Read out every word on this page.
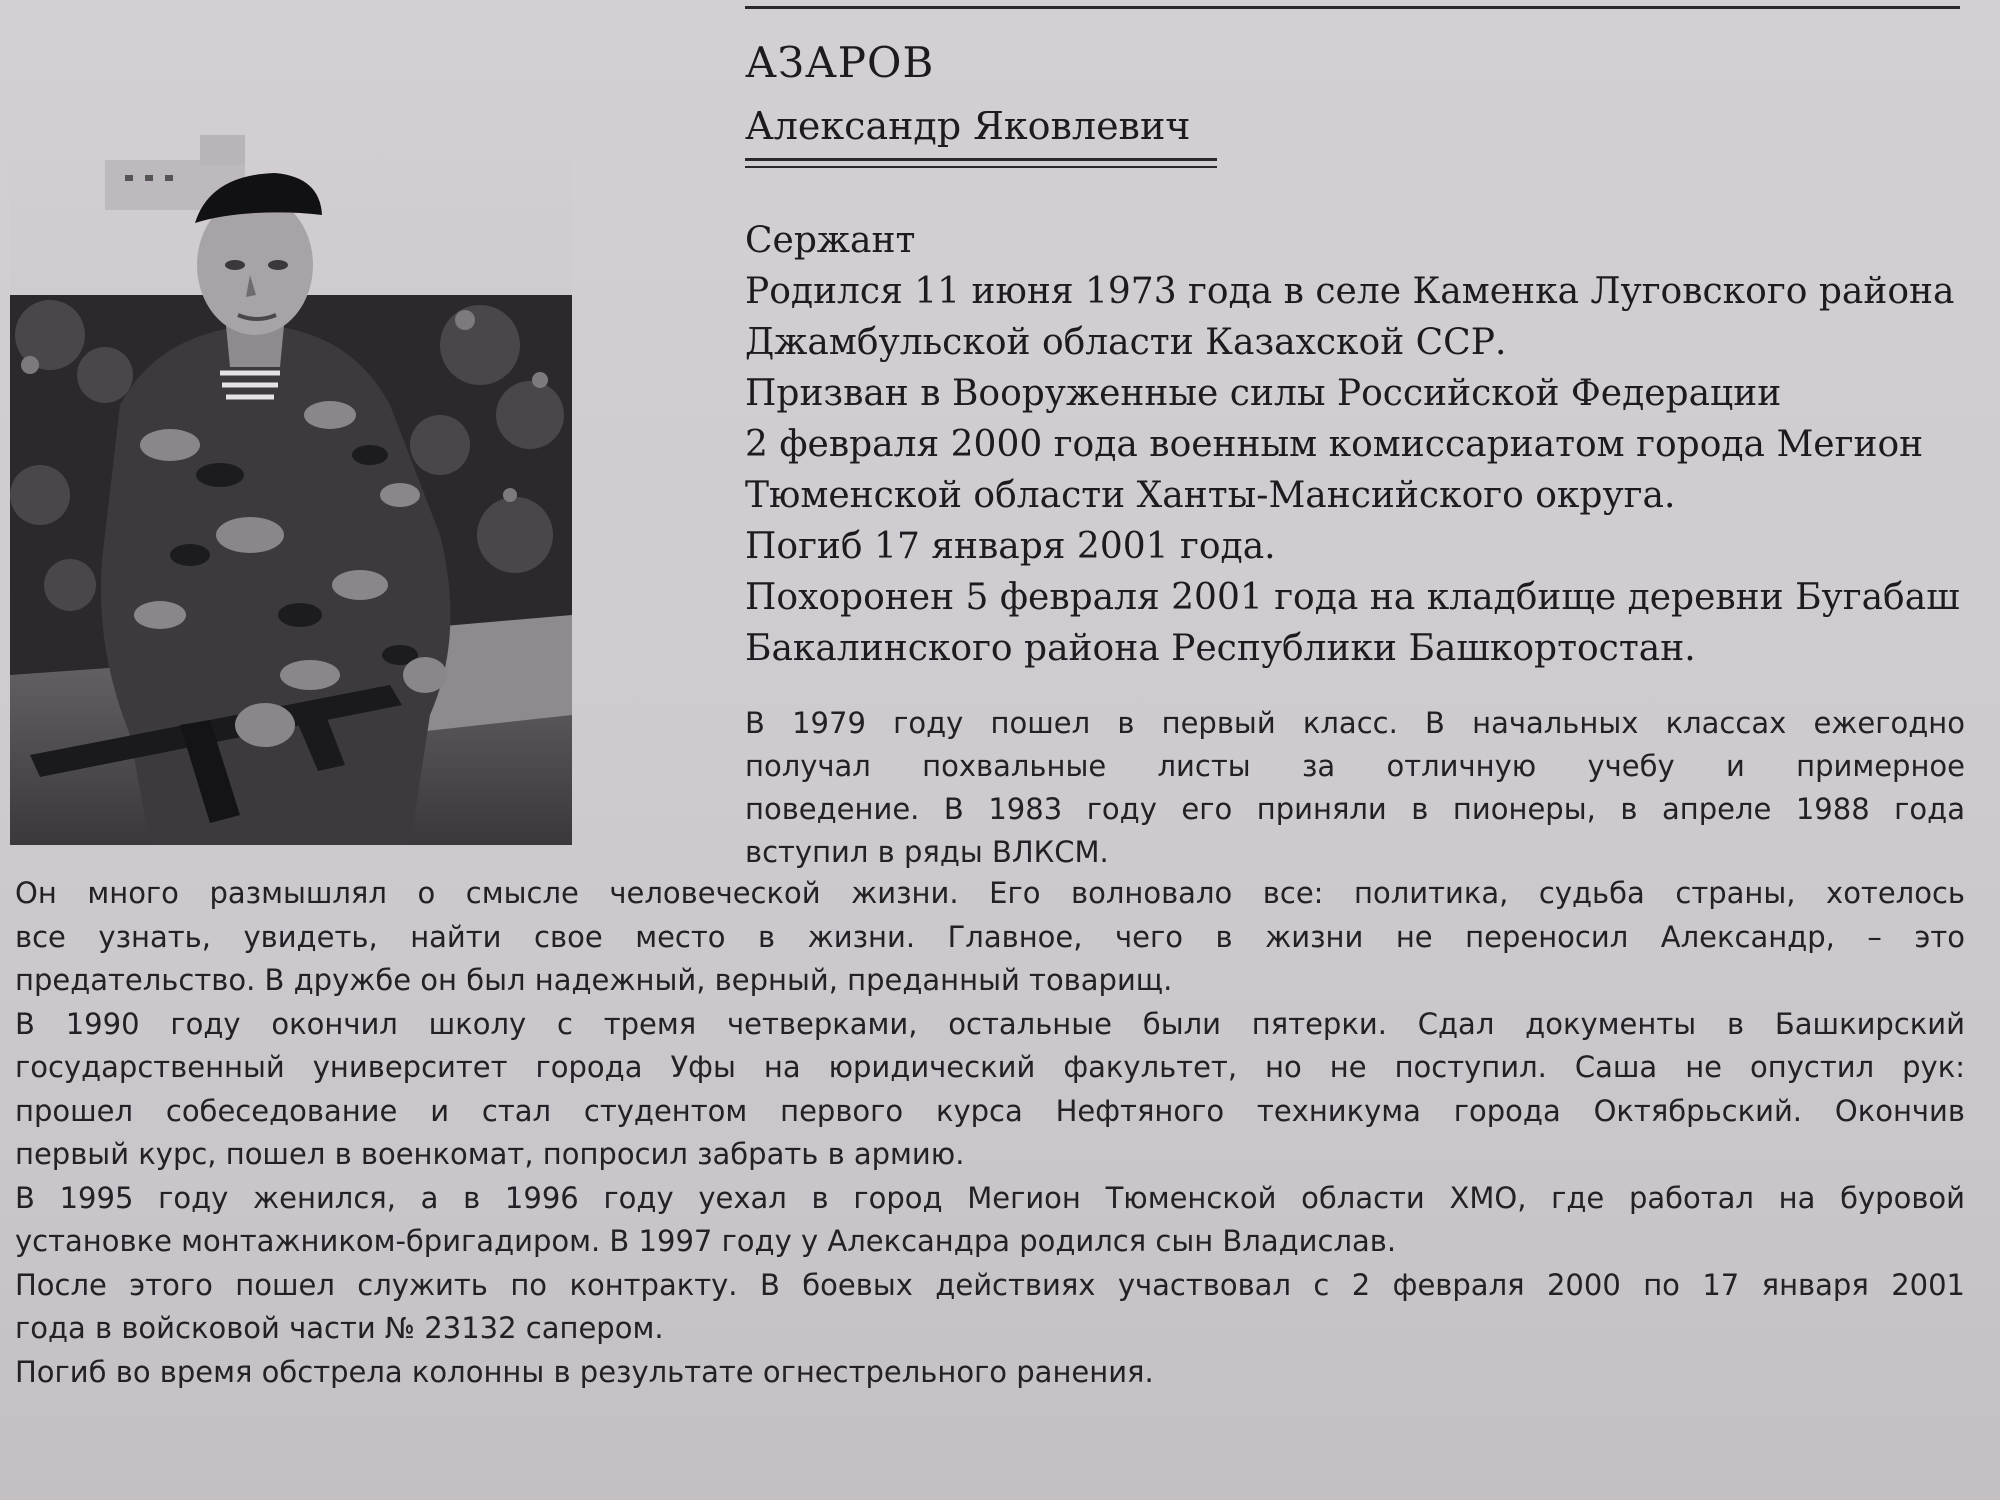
АЗАРОВ
Александр Яковлевич
Сержант
Родился 11 июня 1973 года в селе Каменка Луговского района
Джамбульской области Казахской ССР.
Призван в Вооруженные силы Российской Федерации
2 февраля 2000 года военным комиссариатом города Мегион
Тюменской области Ханты-Мансийского округа.
Погиб 17 января 2001 года.
Похоронен 5 февраля 2001 года на кладбище деревни Бугабаш
Бакалинского района Республики Башкортостан.
В 1979 году пошел в первый класс. В начальных классах ежегодно
получал похвальные листы за отличную учебу и примерное
поведение. В 1983 году его приняли в пионеры, в апреле 1988 года
вступил в ряды ВЛКСМ.
Он много размышлял о смысле человеческой жизни. Его волновало все: политика, судьба страны, хотелось
все узнать, увидеть, найти свое место в жизни. Главное, чего в жизни не переносил Александр, – это
предательство. В дружбе он был надежный, верный, преданный товарищ.
В 1990 году окончил школу с тремя четверками, остальные были пятерки. Сдал документы в Башкирский
государственный университет города Уфы на юридический факультет, но не поступил. Саша не опустил рук:
прошел собеседование и стал студентом первого курса Нефтяного техникума города Октябрьский. Окончив
первый курс, пошел в военкомат, попросил забрать в армию.
В 1995 году женился, а в 1996 году уехал в город Мегион Тюменской области ХМО, где работал на буровой
установке монтажником-бригадиром. В 1997 году у Александра родился сын Владислав.
После этого пошел служить по контракту. В боевых действиях участвовал с 2 февраля 2000 по 17 января 2001
года в войсковой части № 23132 сапером.
Погиб во время обстрела колонны в результате огнестрельного ранения.
